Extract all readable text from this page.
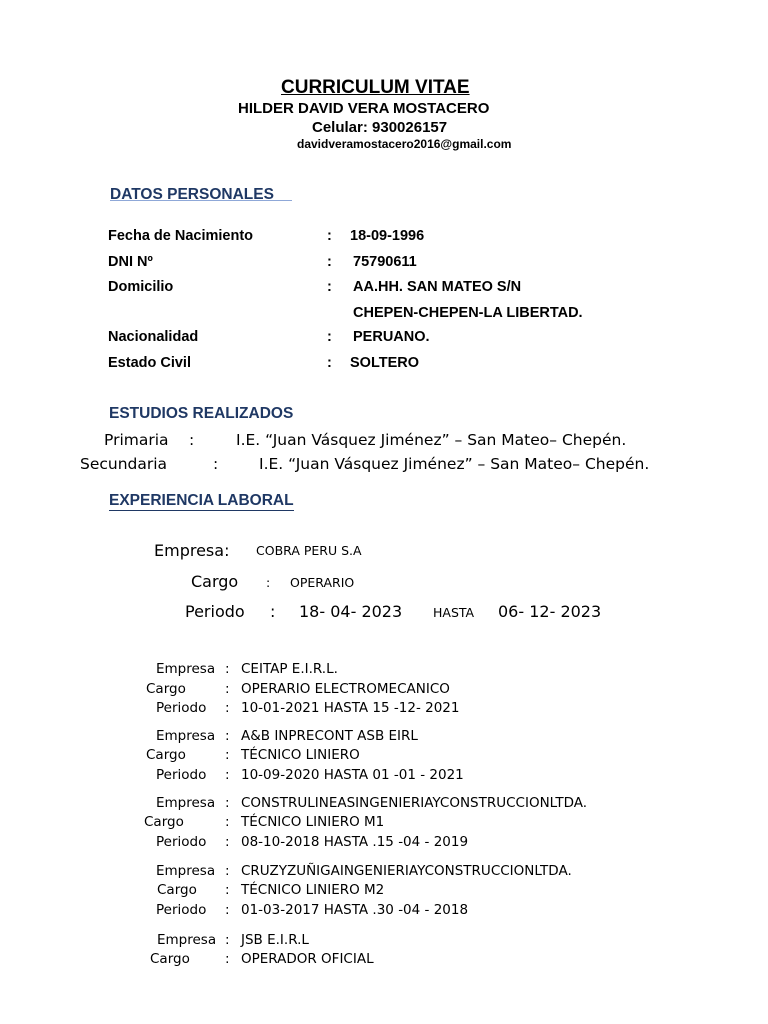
CURRICULUM VITAE
HILDER DAVID VERA MOSTACERO
Celular: 930026157
davidveramostacero2016@gmail.com
DATOS PERSONALES
Fecha de Nacimiento	: 18-09-1996
DNI Nº	: 75790611
Domicilio	: AA.HH. SAN MATEO S/N
CHEPEN-CHEPEN-LA LIBERTAD.
Nacionalidad	: PERUANO.
Estado Civil	: SOLTERO
ESTUDIOS REALIZADOS
Primaria :	I.E. “Juan Vásquez Jiménez” – San Mateo– Chepén.
Secundaria	:	I.E. “Juan Vásquez Jiménez” – San Mateo– Chepén.
EXPERIENCIA LABORAL
Empresa: COBRA PERU S.A
Cargo : OPERARIO
Periodo : 18- 04- 2023 HASTA 06- 12- 2023
Empresa : CEITAP E.I.R.L.
Cargo	: OPERARIO ELECTROMECANICO
Periodo : 10-01-2021 HASTA 15 -12- 2021
Empresa : A&B INPRECONT ASB EIRL
Cargo	: TÉCNICO LINIERO
Periodo : 10-09-2020 HASTA 01 -01 - 2021
Empresa : CONSTRULINEASINGENIERIAYCONSTRUCCIONLTDA.
Cargo	: TÉCNICO LINIERO M1
Periodo : 08-10-2018 HASTA .15 -04 - 2019
Empresa : CRUZYZUÑIGAINGENIERIAYCONSTRUCCIONLTDA.
Cargo : TÉCNICO LINIERO M2
Periodo : 01-03-2017 HASTA .30 -04 - 2018
Empresa : JSB E.I.R.L
Cargo	: OPERADOR OFICIAL
